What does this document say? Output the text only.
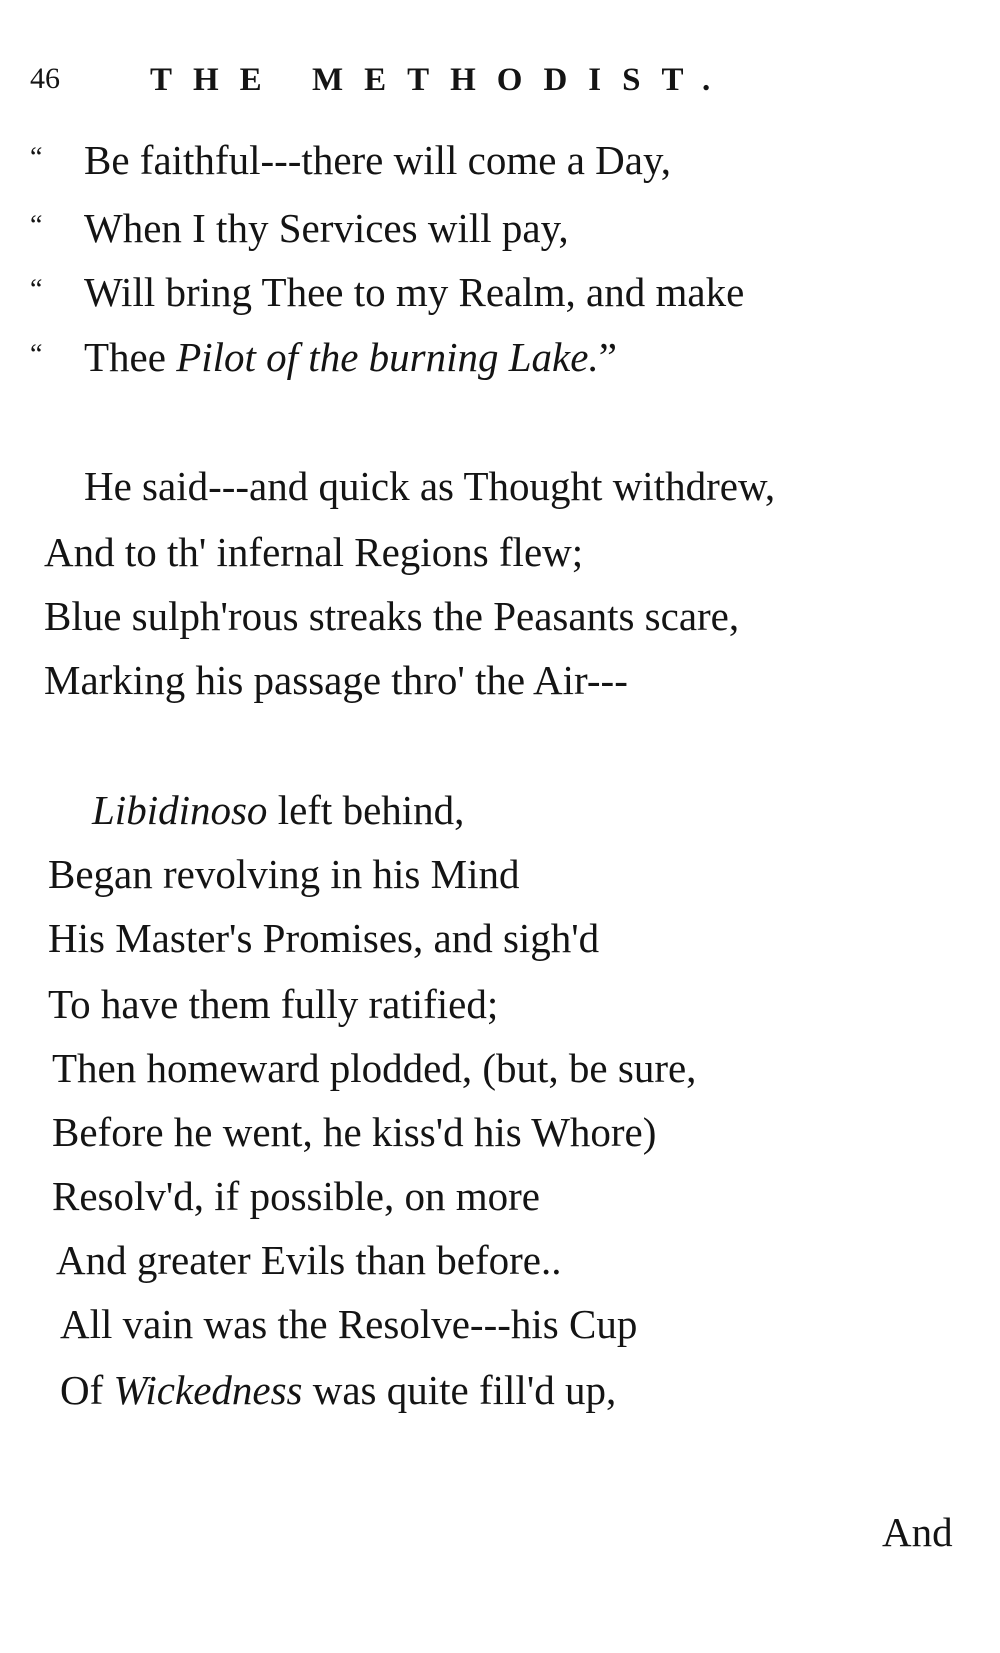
46	THE METHODIST.
“ Be faithful---there will come a Day,
“ When I thy Services will pay,
“ Will bring Thee to my Realm, and make
“ Thee Pilot of the burning Lake.”
He said---and quick as Thought withdrew,
And to th' infernal Regions flew;
Blue sulph'rous streaks the Peasants scare,
Marking his passage thro' the Air---
Libidinoso left behind,
Began revolving in his Mind
His Master's Promises, and sigh'd
To have them fully ratified;
Then homeward plodded, (but, be sure,
Before he went, he kiss'd his Whore)
Resolv'd, if possible, on more
And greater Evils than before..
All vain was the Resolve---his Cup
Of Wickedness was quite fill'd up,
And
